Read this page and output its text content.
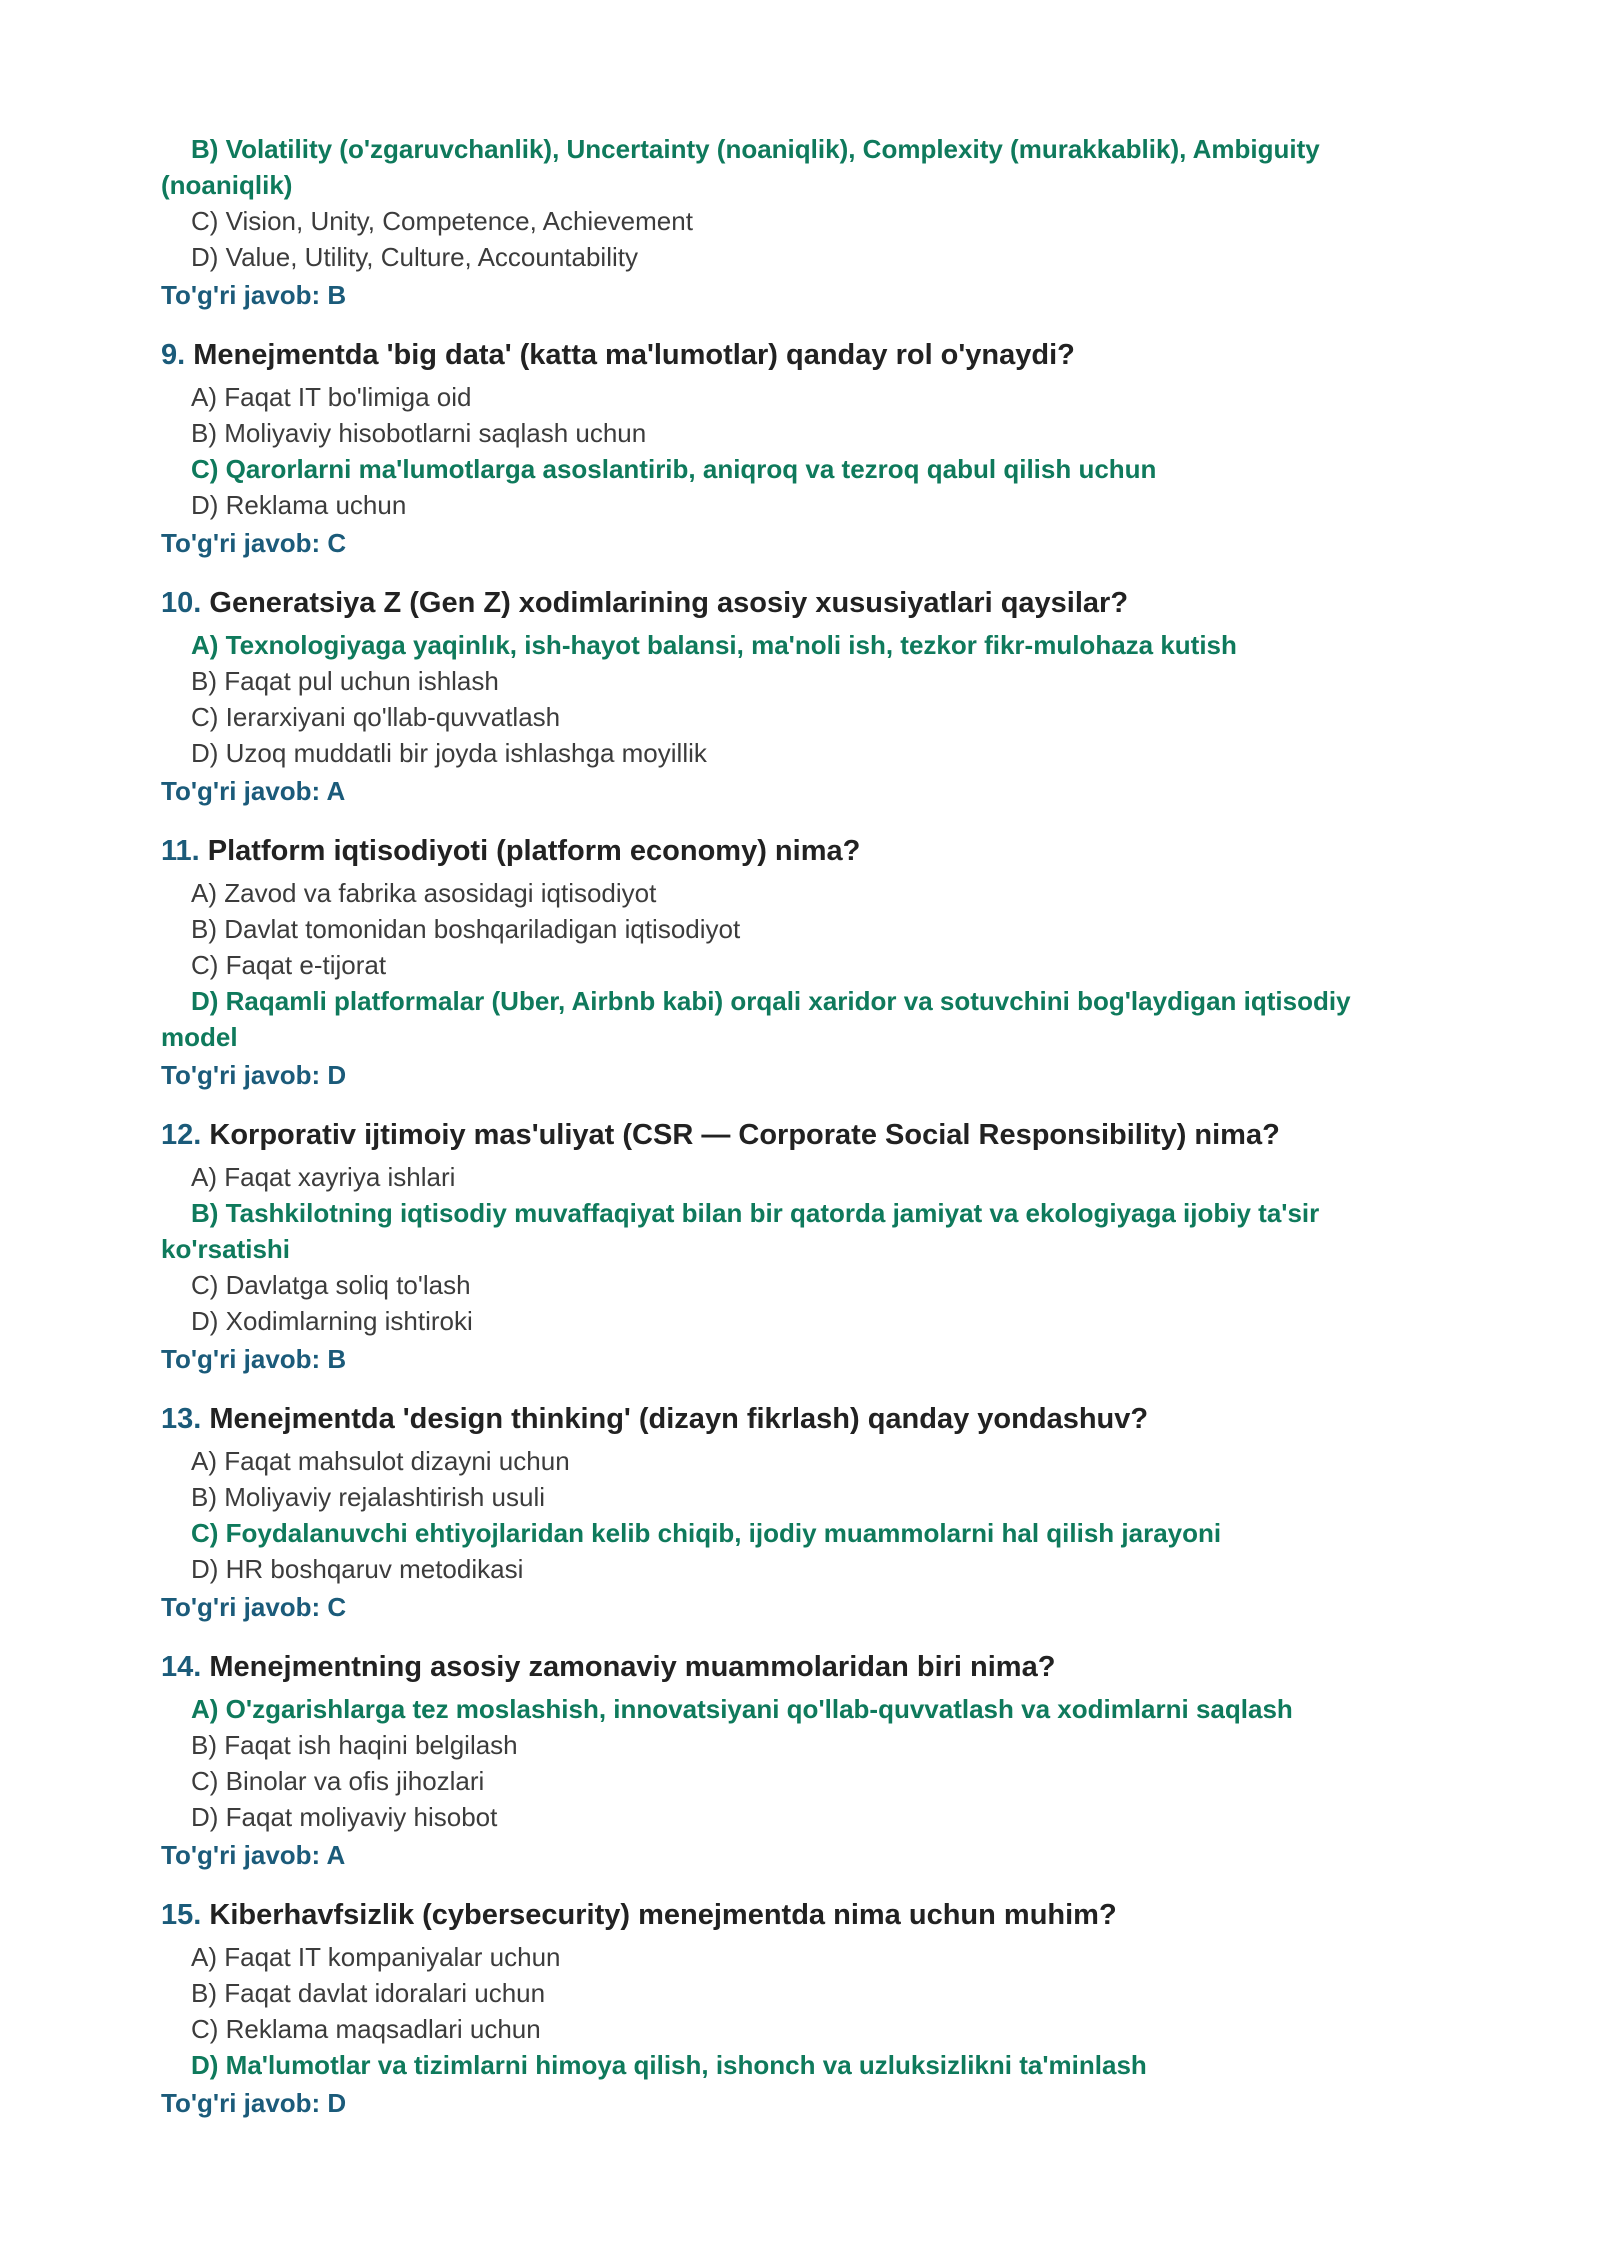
B) Volatility (o'zgaruvchanlik), Uncertainty (noaniqlik), Complexity (murakkablik), Ambiguity (noaniqlik)
C) Vision, Unity, Competence, Achievement
D) Value, Utility, Culture, Accountability
To'g'ri javob: B
9. Menejmentda 'big data' (katta ma'lumotlar) qanday rol o'ynaydi?
A) Faqat IT bo'limiga oid
B) Moliyaviy hisobotlarni saqlash uchun
C) Qarorlarni ma'lumotlarga asoslantirib, aniqroq va tezroq qabul qilish uchun
D) Reklama uchun
To'g'ri javob: C
10. Generatsiya Z (Gen Z) xodimlarining asosiy xususiyatlari qaysilar?
A) Texnologiyaga yaqinlık, ish-hayot balansi, ma'noli ish, tezkor fikr-mulohaza kutish
B) Faqat pul uchun ishlash
C) Ierarxiyani qo'llab-quvvatlash
D) Uzoq muddatli bir joyda ishlashga moyillik
To'g'ri javob: A
11. Platform iqtisodiyoti (platform economy) nima?
A) Zavod va fabrika asosidagi iqtisodiyot
B) Davlat tomonidan boshqariladigan iqtisodiyot
C) Faqat e-tijorat
D) Raqamli platformalar (Uber, Airbnb kabi) orqali xaridor va sotuvchini bog'laydigan iqtisodiy model
To'g'ri javob: D
12. Korporativ ijtimoiy mas'uliyat (CSR — Corporate Social Responsibility) nima?
A) Faqat xayriya ishlari
B) Tashkilotning iqtisodiy muvaffaqiyat bilan bir qatorda jamiyat va ekologiyaga ijobiy ta'sir ko'rsatishi
C) Davlatga soliq to'lash
D) Xodimlarning ishtiroki
To'g'ri javob: B
13. Menejmentda 'design thinking' (dizayn fikrlash) qanday yondashuv?
A) Faqat mahsulot dizayni uchun
B) Moliyaviy rejalashtirish usuli
C) Foydalanuvchi ehtiyojlaridan kelib chiqib, ijodiy muammolarni hal qilish jarayoni
D) HR boshqaruv metodikasi
To'g'ri javob: C
14. Menejmentning asosiy zamonaviy muammolaridan biri nima?
A) O'zgarishlarga tez moslashish, innovatsiyani qo'llab-quvvatlash va xodimlarni saqlash
B) Faqat ish haqini belgilash
C) Binolar va ofis jihozlari
D) Faqat moliyaviy hisobot
To'g'ri javob: A
15. Kiberhavfsizlik (cybersecurity) menejmentda nima uchun muhim?
A) Faqat IT kompaniyalar uchun
B) Faqat davlat idoralari uchun
C) Reklama maqsadlari uchun
D) Ma'lumotlar va tizimlarni himoya qilish, ishonch va uzluksizlikni ta'minlash
To'g'ri javob: D
